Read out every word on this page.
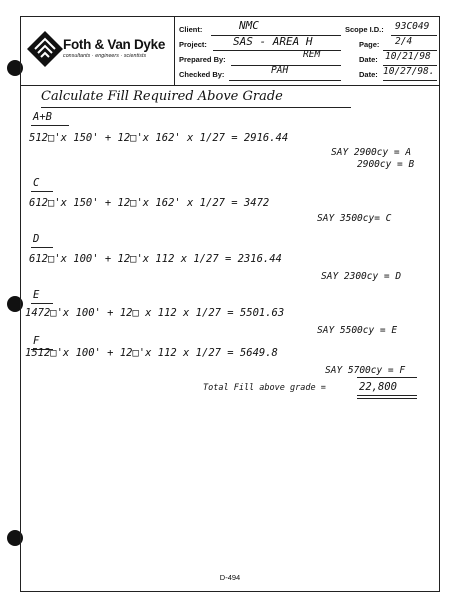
Foth & Van Dyke
consultants · engineers · scientists
Client:	NMC	Scope I.D.: 93C049
Project: SAS - AREA H	Page: 2/4
Prepared By:	REM	Date: 10/21/98
Checked By:	PAH	Date: 10/27/98.
Calculate Fill Required Above Grade
A+B
512□'x 150' + 12□'x 162' x 1/27 = 2916.44
SAY 2900cy = A
2900cy = B
C
612□'x 150' + 12□'x 162' x 1/27 = 3472
SAY 3500cy= C
D
612□'x 100' + 12□'x 112 x 1/27 = 2316.44
SAY 2300cy = D
E
1472□'x 100' + 12□ x 112 x 1/27 = 5501.63
SAY 5500cy = E
F
1512□'x 100' + 12□'x 112 x 1/27 = 5649.8
SAY 5700cy = F
Total Fill above grade =	22,800
D-494
